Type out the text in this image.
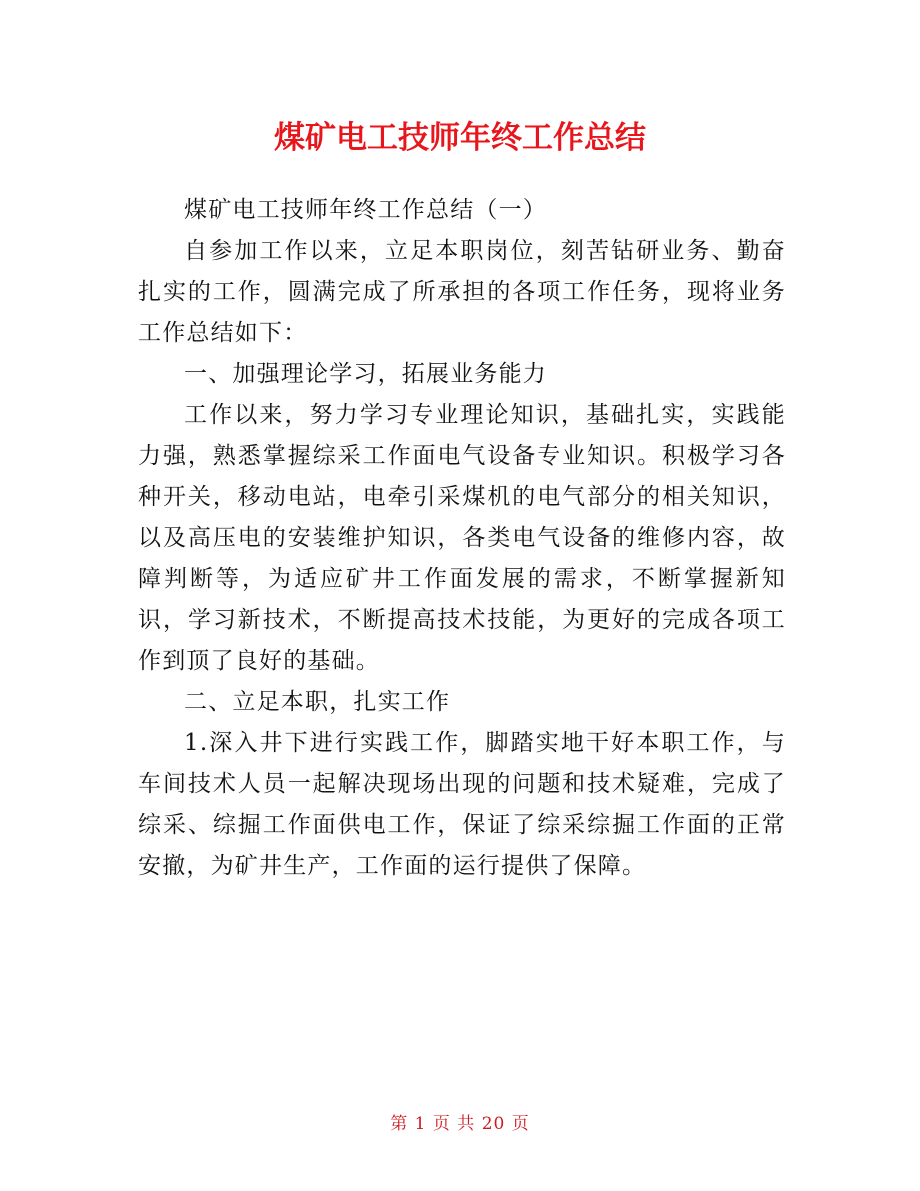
煤矿电工技师年终工作总结

煤矿电工技师年终工作总结（一）

自参加工作以来，立足本职岗位，刻苦钻研业务、勤奋扎实的工作，圆满完成了所承担的各项工作任务，现将业务工作总结如下：

一、加强理论学习，拓展业务能力

工作以来，努力学习专业理论知识，基础扎实，实践能力强，熟悉掌握综采工作面电气设备专业知识。积极学习各种开关，移动电站，电牵引采煤机的电气部分的相关知识，以及高压电的安装维护知识，各类电气设备的维修内容，故障判断等，为适应矿井工作面发展的需求，不断掌握新知识，学习新技术，不断提高技术技能，为更好的完成各项工作到顶了良好的基础。

二、立足本职，扎实工作

1.深入井下进行实践工作，脚踏实地干好本职工作，与车间技术人员一起解决现场出现的问题和技术疑难，完成了综采、综掘工作面供电工作，保证了综采综掘工作面的正常安撤，为矿井生产，工作面的运行提供了保障。

第 1 页 共 20 页
